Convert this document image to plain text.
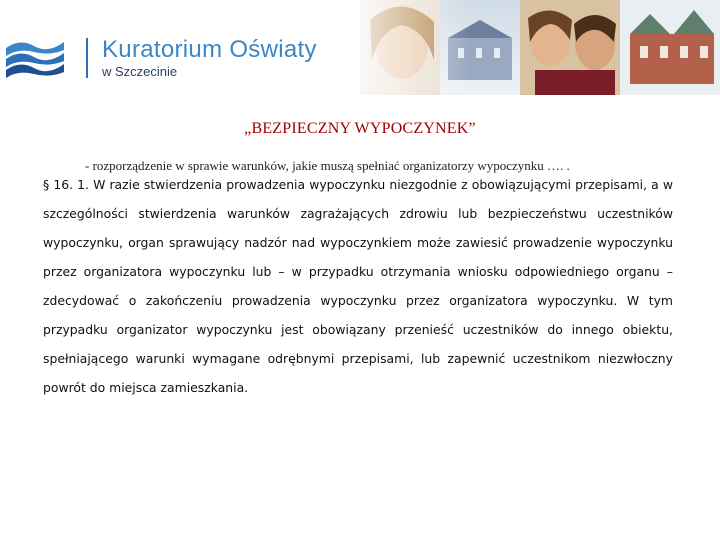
Kuratorium Oświaty
w Szczecinie
„BEZPIECZNY WYPOCZYNEK”
- rozporządzenie w sprawie warunków, jakie muszą spełniać organizatorzy wypoczynku …. .
§ 16. 1. W razie stwierdzenia prowadzenia wypoczynku niezgodnie z obowiązującymi przepisami, a w szczególności stwierdzenia warunków zagrażających zdrowiu lub bezpieczeństwu uczestników wypoczynku, organ sprawujący nadzór nad wypoczynkiem może zawiesić prowadzenie wypoczynku przez organizatora wypoczynku lub – w przypadku otrzymania wniosku odpowiedniego organu – zdecydować o zakończeniu prowadzenia wypoczynku przez organizatora wypoczynku. W tym przypadku organizator wypoczynku jest obowiązany przenieść uczestników do innego obiektu, spełniającego warunki wymagane odrębnymi przepisami, lub zapewnić uczestnikom niezwłoczny powrót do miejsca zamieszkania.
